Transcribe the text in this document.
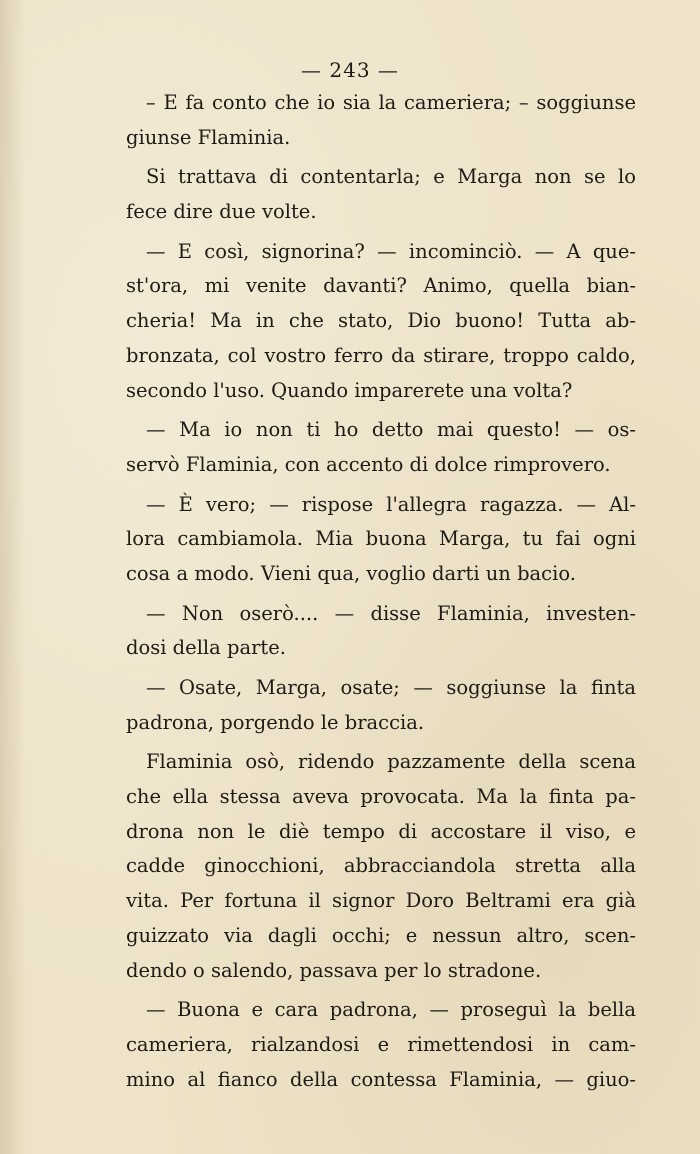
— 243 —
– E fa conto che io sia la cameriera; – soggiunse
giunse Flaminia.
Si trattava di contentarla; e Marga non se lo
fece dire due volte.
— E così, signorina? — incominciò. — A que-
st'ora, mi venite davanti? Animo, quella bian-
cheria! Ma in che stato, Dio buono! Tutta ab-
bronzata, col vostro ferro da stirare, troppo caldo,
secondo l'uso. Quando imparerete una volta?
— Ma io non ti ho detto mai questo! — os-
servò Flaminia, con accento di dolce rimprovero.
— È vero; — rispose l'allegra ragazza. — Al-
lora cambiamola. Mia buona Marga, tu fai ogni
cosa a modo. Vieni qua, voglio darti un bacio.
— Non oserò.... — disse Flaminia, investen-
dosi della parte.
— Osate, Marga, osate; — soggiunse la finta
padrona, porgendo le braccia.
Flaminia osò, ridendo pazzamente della scena
che ella stessa aveva provocata. Ma la finta pa-
drona non le diè tempo di accostare il viso, e
cadde ginocchioni, abbracciandola stretta alla
vita. Per fortuna il signor Doro Beltrami era già
guizzato via dagli occhi; e nessun altro, scen-
dendo o salendo, passava per lo stradone.
— Buona e cara padrona, — proseguì la bella
cameriera, rialzandosi e rimettendosi in cam-
mino al fianco della contessa Flaminia, — giuo-
